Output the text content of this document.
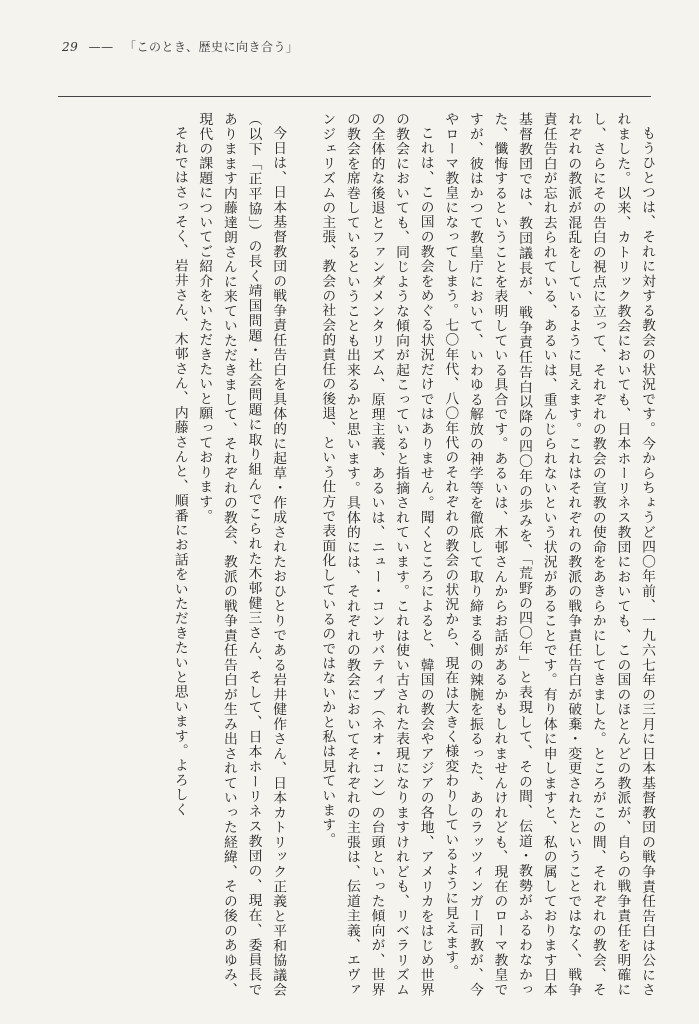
29 —— 「このとき、歴史に向き合う」

もうひとつは、それに対する教会の状況です。今からちょうど四〇年前、一九六七年の三月に日本基督教団の戦争責任告白は公にされました。以来、カトリック教会においても、日本ホーリネス教団においても、この国のほとんどの教派が、自らの戦争責任を明確にし、さらにその告白の視点に立って、それぞれの教会の宣教の使命をあきらかにしてきました。ところがこの間、それぞれの教会、それぞれの教派が混乱をしているように見えます。これはそれぞれの教派の戦争責任告白が破棄・変更されたということではなく、戦争責任告白が忘れ去られている、あるいは、重んじられないという状況があることです。有り体に申しますと、私の属しております日本基督教団では、教団議長が、戦争責任告白以降の四〇年の歩みを、「荒野の四〇年」と表現して、その間、伝道・教勢がふるわなかった、懺悔するということを表明している具合です。あるいは、木邨さんからお話があるかもしれませんけれども、現在のローマ教皇ですが、彼はかつて教皇庁において、いわゆる解放の神学等を徹底して取り締まる側の辣腕を振るった、あのラッツィンガー司教が、今やローマ教皇になってしまう。七〇年代、八〇年代のそれぞれの教会の状況から、現在は大きく様変わりしているように見えます。

これは、この国の教会をめぐる状況だけではありません。聞くところによると、韓国の教会やアジアの各地、アメリカをはじめ世界の教会においても、同じような傾向が起こっていると指摘されています。これは使い古された表現になりますけれども、リベラリズムの全体的な後退とファンダメンタリズム、原理主義、あるいは、ニュー・コンサバティブ（ネオ・コン）の台頭といった傾向が、世界の教会を席巻しているということも出来るかと思います。具体的には、それぞれの教会においてそれぞれの主張は、伝道主義、エヴァンジェリズムの主張、教会の社会的責任の後退、という仕方で表面化しているのではないかと私は見ています。

今日は、日本基督教団の戦争責任告白を具体的に起草・作成されたおひとりである岩井健作さん、日本カトリック正義と平和協議会（以下「正平協」）の長く靖国問題・社会問題に取り組んでこられた木邨健三さん、そして、日本ホーリネス教団の、現在、委員長でありまます内藤達朗さんに来ていただきまして、それぞれの教会、教派の戦争責任告白が生み出されていった経緯、その後のあゆみ、現代の課題についてご紹介をいただきたいと願っております。

それではさっそく、岩井さん、木邨さん、内藤さんと、順番にお話をいただきたいと思います。よろしく
